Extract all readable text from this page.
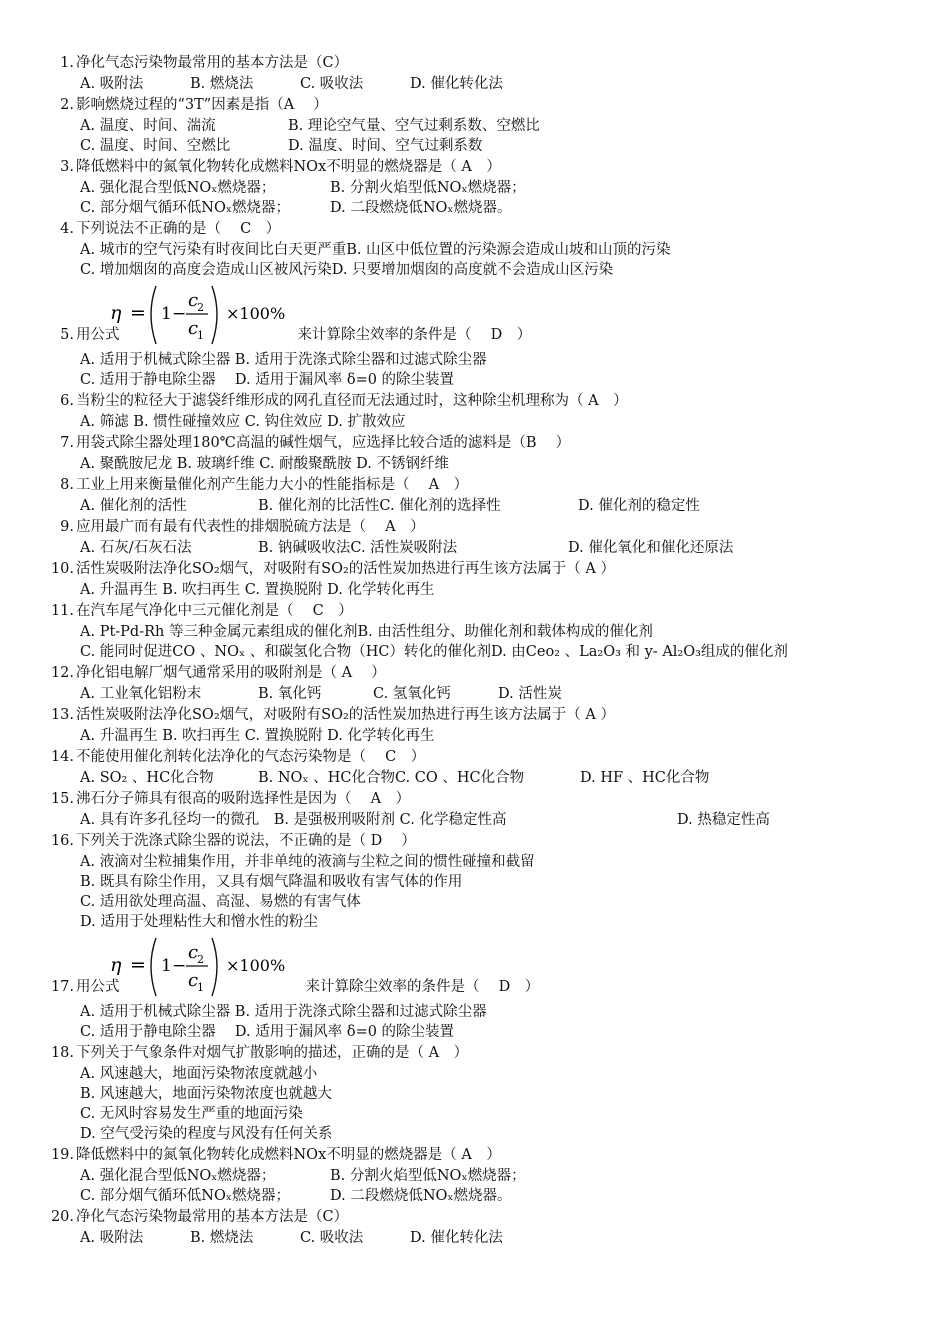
1. 净化气态污染物最常用的基本方法是（C）
A. 吸附法	B. 燃烧法	C. 吸收法	D. 催化转化法
2. 影响燃烧过程的“3T”因素是指（A　 ）
A. 温度、时间、湍流	B. 理论空气量、空气过剩系数、空燃比
C. 温度、时间、空燃比	D. 温度、时间、空气过剩系数
3. 降低燃料中的氮氧化物转化成燃料NOx不明显的燃烧器是（ A　）
A. 强化混合型低NOₓ燃烧器；	B. 分割火焰型低NOₓ燃烧器；
C. 部分烟气循环低NOₓ燃烧器；	D. 二段燃烧低NOₓ燃烧器。
4. 下列说法不正确的是（　 C　）
A. 城市的空气污染有时夜间比白天更严重B. 山区中低位置的污染源会造成山坡和山顶的污染
C. 增加烟囱的高度会造成山区被风污染D. 只要增加烟囱的高度就不会造成山区污染
η = 1 −
c
2
c
1
×100%
5. 用公式	来计算除尘效率的条件是（　 D　）
A. 适用于机械式除尘器 B. 适用于洗涤式除尘器和过滤式除尘器
C. 适用于静电除尘器　 D. 适用于漏风率 δ=0 的除尘装置
6. 当粉尘的粒径大于滤袋纤维形成的网孔直径而无法通过时，这种除尘机理称为（ A　）
A. 筛滤 B. 惯性碰撞效应 C. 钩住效应 D. 扩散效应
7. 用袋式除尘器处理180℃高温的碱性烟气，应选择比较合适的滤料是（B　 ）
A. 聚酰胺尼龙 B. 玻璃纤维 C. 耐酸聚酰胺 D. 不锈钢纤维
8. 工业上用来衡量催化剂产生能力大小的性能指标是（　 A　）
A. 催化剂的活性	B. 催化剂的比活性C. 催化剂的选择性	D. 催化剂的稳定性
9. 应用最广而有最有代表性的排烟脱硫方法是（　 A　）
A. 石灰/石灰石法	B. 钠碱吸收法C. 活性炭吸附法	D. 催化氧化和催化还原法
10. 活性炭吸附法净化SO₂烟气，对吸附有SO₂的活性炭加热进行再生该方法属于（ A ）
A. 升温再生 B. 吹扫再生 C. 置换脱附 D. 化学转化再生
11. 在汽车尾气净化中三元催化剂是（　 C　）
A. Pt-Pd-Rh 等三种金属元素组成的催化剂B. 由活性组分、助催化剂和载体构成的催化剂
C. 能同时促进CO 、NOₓ 、和碳氢化合物（HC）转化的催化剂D. 由Ceo₂ 、La₂O₃ 和 y- Al₂O₃组成的催化剂
12. 净化铝电解厂烟气通常采用的吸附剂是（ A　 ）
A. 工业氧化铝粉末	B. 氧化钙	C. 氢氧化钙	D. 活性炭
13. 活性炭吸附法净化SO₂烟气，对吸附有SO₂的活性炭加热进行再生该方法属于（ A ）
A. 升温再生 B. 吹扫再生 C. 置换脱附 D. 化学转化再生
14. 不能使用催化剂转化法净化的气态污染物是（　 C　）
A. SO₂ 、HC化合物	B. NOₓ 、HC化合物C. CO 、HC化合物	D. HF 、HC化合物
15. 沸石分子筛具有很高的吸附选择性是因为（　 A　）
A. 具有许多孔径均一的微孔　B. 是强极刑吸附剂 C. 化学稳定性高	D. 热稳定性高
16. 下列关于洗涤式除尘器的说法，不正确的是（ D　 ）
A. 液滴对尘粒捕集作用，并非单纯的液滴与尘粒之间的惯性碰撞和截留
B. 既具有除尘作用，又具有烟气降温和吸收有害气体的作用
C. 适用欲处理高温、高湿、易燃的有害气体
D. 适用于处理粘性大和憎水性的粉尘
η = 1 −
c
2
c
1
×100%
17. 用公式	来计算除尘效率的条件是（　 D　）
A. 适用于机械式除尘器 B. 适用于洗涤式除尘器和过滤式除尘器
C. 适用于静电除尘器　 D. 适用于漏风率 δ=0 的除尘装置
18. 下列关于气象条件对烟气扩散影响的描述，正确的是（ A　）
A. 风速越大，地面污染物浓度就越小
B. 风速越大，地面污染物浓度也就越大
C. 无风时容易发生严重的地面污染
D. 空气受污染的程度与风没有任何关系
19. 降低燃料中的氮氧化物转化成燃料NOx不明显的燃烧器是（ A　）
A. 强化混合型低NOₓ燃烧器；	B. 分割火焰型低NOₓ燃烧器；
C. 部分烟气循环低NOₓ燃烧器；	D. 二段燃烧低NOₓ燃烧器。
20. 净化气态污染物最常用的基本方法是（C）
A. 吸附法	B. 燃烧法	C. 吸收法	D. 催化转化法
